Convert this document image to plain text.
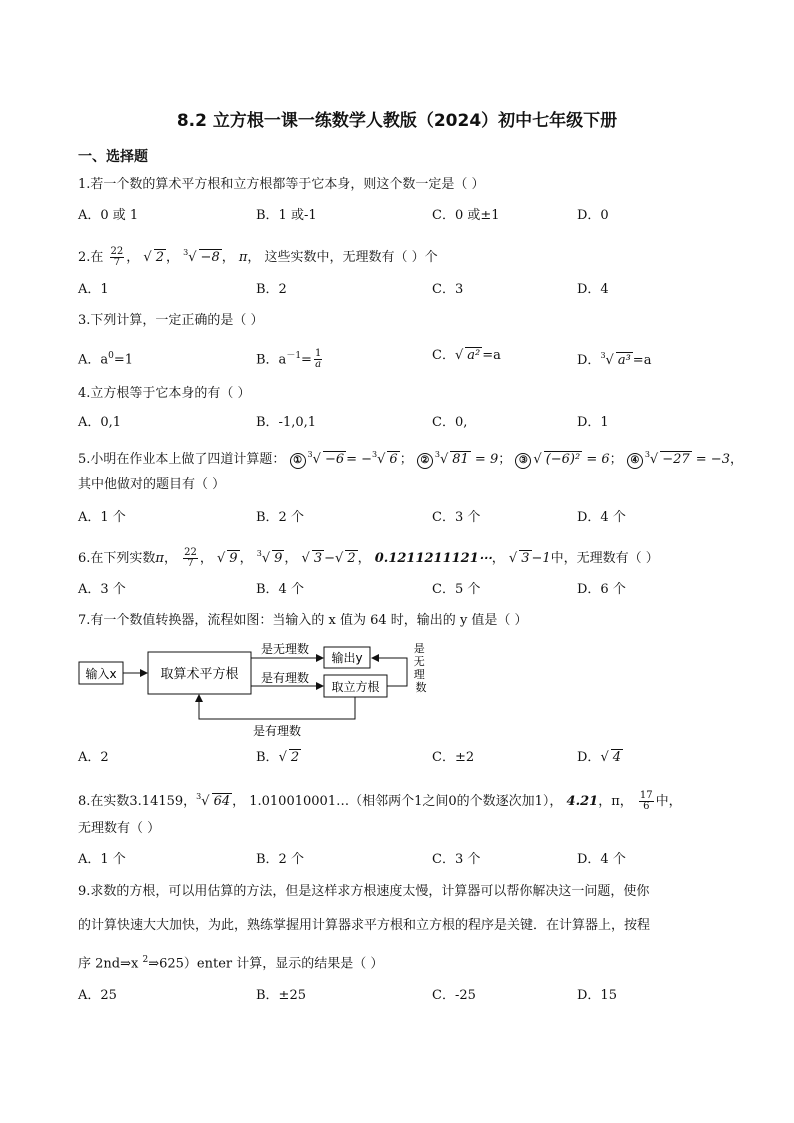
8.2 立方根一课一练数学人教版（2024）初中七年级下册
一、选择题
1.若一个数的算术平方根和立方根都等于它本身，则这个数一定是（ ）
A．0 或 1	B．1 或-1	C．0 或±1	D．0
2.在 $\frac{22}{7}$ ， √ 2 ， $^3$√ −8 ， π， 这些实数中，无理数有（ ）个
A．1	B．2	C．3	D．4
3.下列计算，一定正确的是（ ）
A．$a^0=1$	B．$a^{-1}= \frac{1}{a}$	C．√ a² =a	D．$^3$√ a³ =a
4.立方根等于它本身的有（ ）
A．0,1	B．-1,0,1	C．0,	D．1
5.小明在作业本上做了四道计算题： ①$^3$√ −6 = −$^3$√ 6 ； ②$^3$√ 81 = 9； ③ √ (−6)² = 6； ④$^3$√ −27 = −3，
其中他做对的题目有（ ）
A．1 个	B．2 个	C．3 个	D．4 个
6.在下列实数π， $\frac{22}{7}$ ， √ 9 ， $^3$√ 9 ， √ 3 −√ 2 ， 0.1211211121⋯， √ 3 −1中，无理数有（ ）
A．3 个	B．4 个	C．5 个	D．6 个
7.有一个数值转换器，流程如图：当输入的 x 值为 64 时，输出的 y 值是（ ）
输入x	取算术平方根
是无理数
输出y
是有理数
取立方根
是 无 理 数
是有理数
A．2	B．√ 2	C．±2	D．√ 4
8.在实数3.14159，$^3$√ 64 ， 1.010010001…（相邻两个1之间0的个数逐次加1）， 4.21，π， $\frac{17}{6}$ 中，
无理数有（ ）
A．1 个	B．2 个	C．3 个	D．4 个
9.求数的方根，可以用估算的方法，但是这样求方根速度太慢，计算器可以帮你解决这一问题，使你
的计算快速大大加快，为此，熟练掌握用计算器求平方根和立方根的程序是关键．在计算器上，按程
序 2nd⇒x $^2$⇒625）enter 计算，显示的结果是（ ）
A．25	B．±25	C．-25	D．15
